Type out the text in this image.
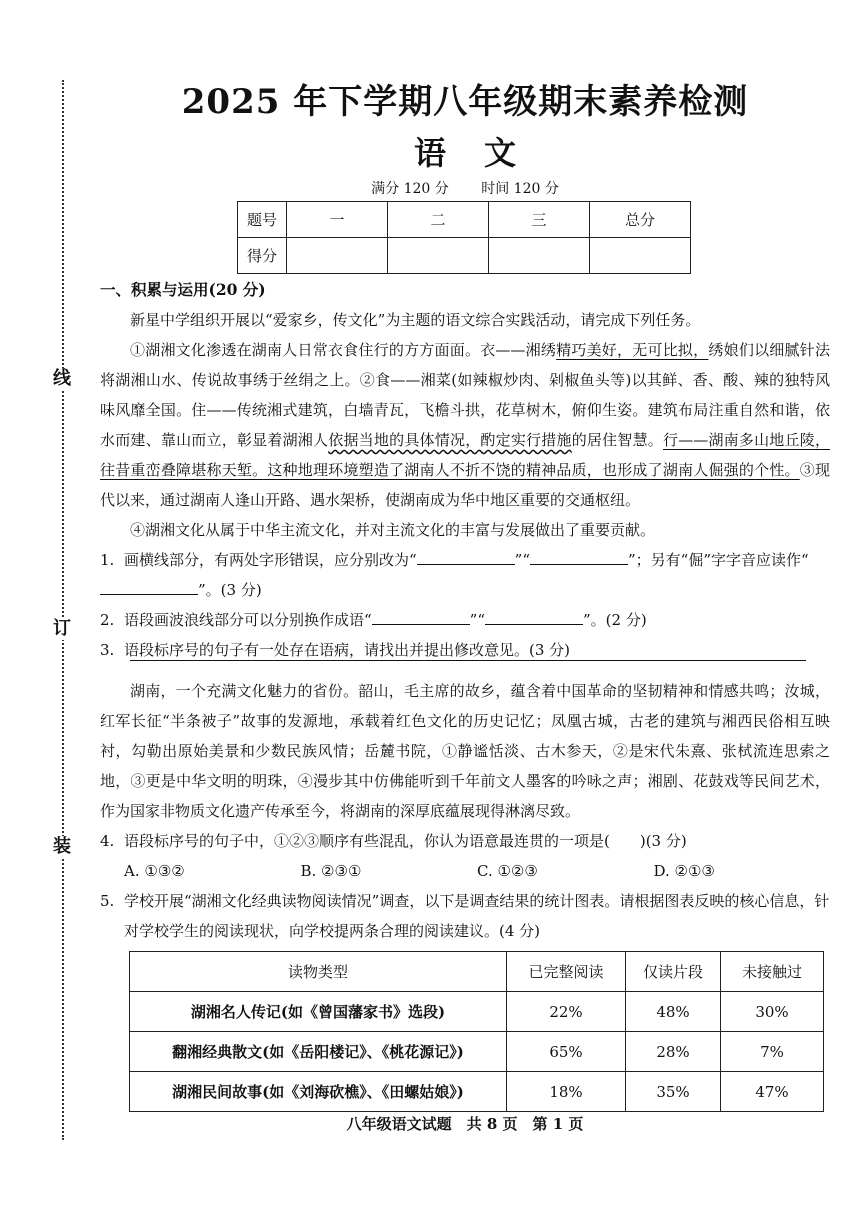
线
订
装
2025 年下学期八年级期末素养检测
语文
满分 120 分 时间 120 分
题号	一	二	三	总分
得分				
一、积累与运用(20 分)
新星中学组织开展以“爱家乡，传文化”为主题的语文综合实践活动，请完成下列任务。
①湖湘文化渗透在湖南人日常衣食住行的方方面面。衣——湘绣精巧美好，无可比拟，绣娘们以细腻针法将湖湘山水、传说故事绣于丝绢之上。②食——湘菜(如辣椒炒肉、剁椒鱼头等)以其鲜、香、酸、辣的独特风味风靡全国。住——传统湘式建筑，白墙青瓦，飞檐斗拱，花草树木，俯仰生姿。建筑布局注重自然和谐，依水而建、靠山而立，彰显着湖湘人依据当地的具体情况，酌定实行措施的居住智慧。行——湖南多山地丘陵，往昔重峦叠障堪称天堑。这种地理环境塑造了湖南人不折不饶的精神品质，也形成了湖南人倔强的个性。③现代以来，通过湖南人逢山开路、遇水架桥，使湖南成为华中地区重要的交通枢纽。
④湖湘文化从属于中华主流文化，并对主流文化的丰富与发展做出了重要贡献。
1. 画横线部分，有两处字形错误，应分别改为“	”“	”；另有“倔”字字音应读作“”。(3 分)
2. 语段画波浪线部分可以分别换作成语“	”“	”。(2 分)
3. 语段标序号的句子有一处存在语病，请找出并提出修改意见。(3 分)
湖南，一个充满文化魅力的省份。韶山，毛主席的故乡，蕴含着中国革命的坚韧精神和情感共鸣；汝城，红军长征“半条被子”故事的发源地，承载着红色文化的历史记忆；凤凰古城，古老的建筑与湘西民俗相互映衬，勾勒出原始美景和少数民族风情；岳麓书院，①静谧恬淡、古木参天，②是宋代朱熹、张栻流连思索之地，③更是中华文明的明珠，④漫步其中仿佛能听到千年前文人墨客的吟咏之声；湘剧、花鼓戏等民间艺术，作为国家非物质文化遗产传承至今，将湖南的深厚底蕴展现得淋漓尽致。
4. 语段标序号的句子中，①②③顺序有些混乱，你认为语意最连贯的一项是(　　)(3 分)
A. ①③②	B. ②③①	C. ①②③	D. ②①③
5. 学校开展“湖湘文化经典读物阅读情况”调查，以下是调查结果的统计图表。请根据图表反映的核心信息，针对学校学生的阅读现状，向学校提两条合理的阅读建议。(4 分)
读物类型	已完整阅读	仅读片段	未接触过
湖湘名人传记(如《曾国藩家书》选段)	22%	48%	30%
翻湘经典散文(如《岳阳楼记》、《桃花源记》)	65%	28%	7%
湖湘民间故事(如《刘海砍樵》、《田螺姑娘》)	18%	35%	47%
八年级语文试题　共 8 页　第 1 页
